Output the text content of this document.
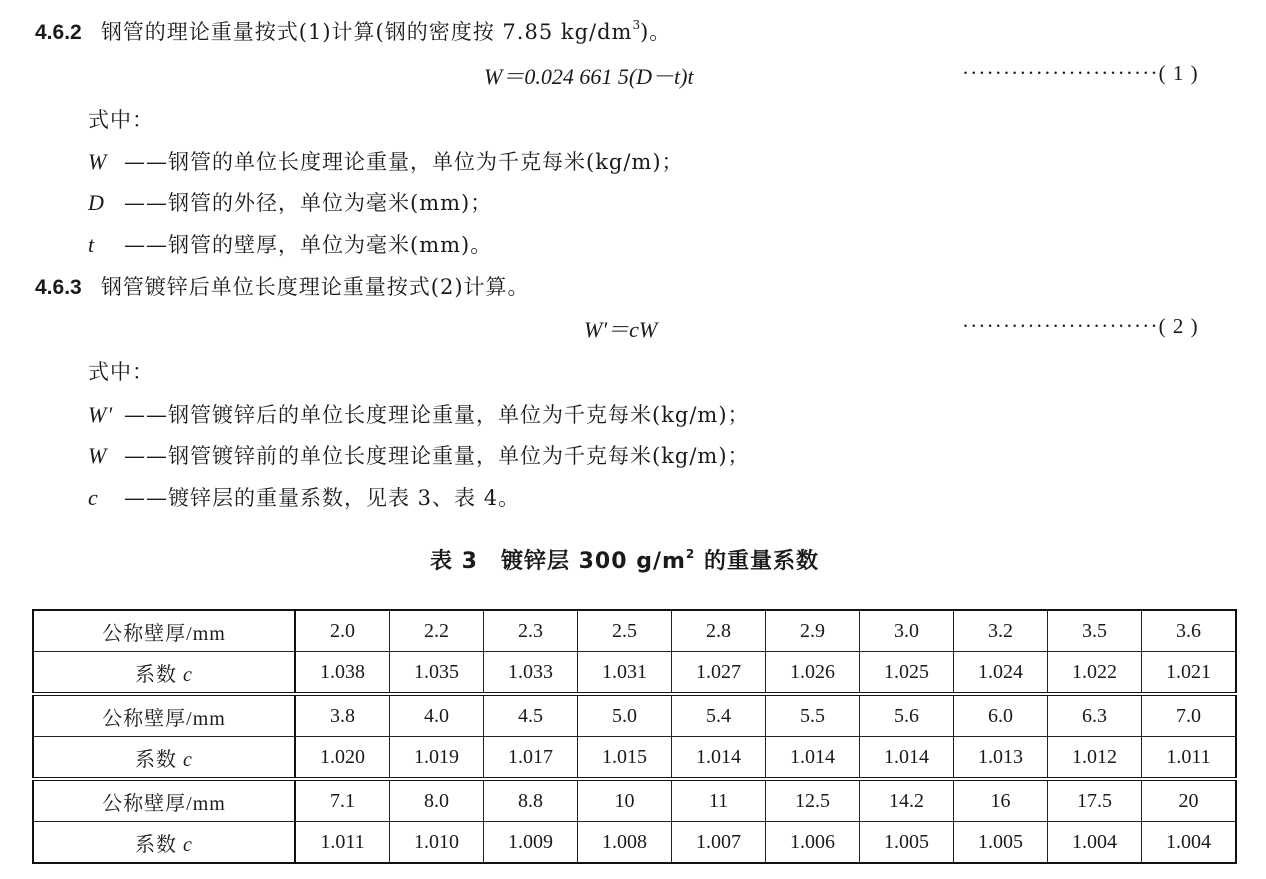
4.6.2 钢管的理论重量按式(1)计算(钢的密度按 7.85 $kg/dm^3$)。
W＝0.024 661 5(D－t)t	························( 1 )
式中：
W ——钢管的单位长度理论重量，单位为千克每米(kg/m)；
D ——钢管的外径，单位为毫米(mm)；
t ——钢管的壁厚，单位为毫米(mm)。
4.6.3 钢管镀锌后单位长度理论重量按式(2)计算。
W′＝cW	························( 2 )
式中：
W′ ——钢管镀锌后的单位长度理论重量，单位为千克每米(kg/m)；
W ——钢管镀锌前的单位长度理论重量，单位为千克每米(kg/m)；
c ——镀锌层的重量系数，见表 3、表 4。
表 3　镀锌层 300 $g/m^2$ 的重量系数
公称壁厚/mm	2.0	2.2	2.3	2.5	2.8	2.9	3.0	3.2	3.5	3.6
系数 c	1.038	1.035	1.033	1.031	1.027	1.026	1.025	1.024	1.022	1.021
公称壁厚/mm	3.8	4.0	4.5	5.0	5.4	5.5	5.6	6.0	6.3	7.0
系数 c	1.020	1.019	1.017	1.015	1.014	1.014	1.014	1.013	1.012	1.011
公称壁厚/mm	7.1	8.0	8.8	10	11	12.5	14.2	16	17.5	20
系数 c	1.011	1.010	1.009	1.008	1.007	1.006	1.005	1.005	1.004	1.004
